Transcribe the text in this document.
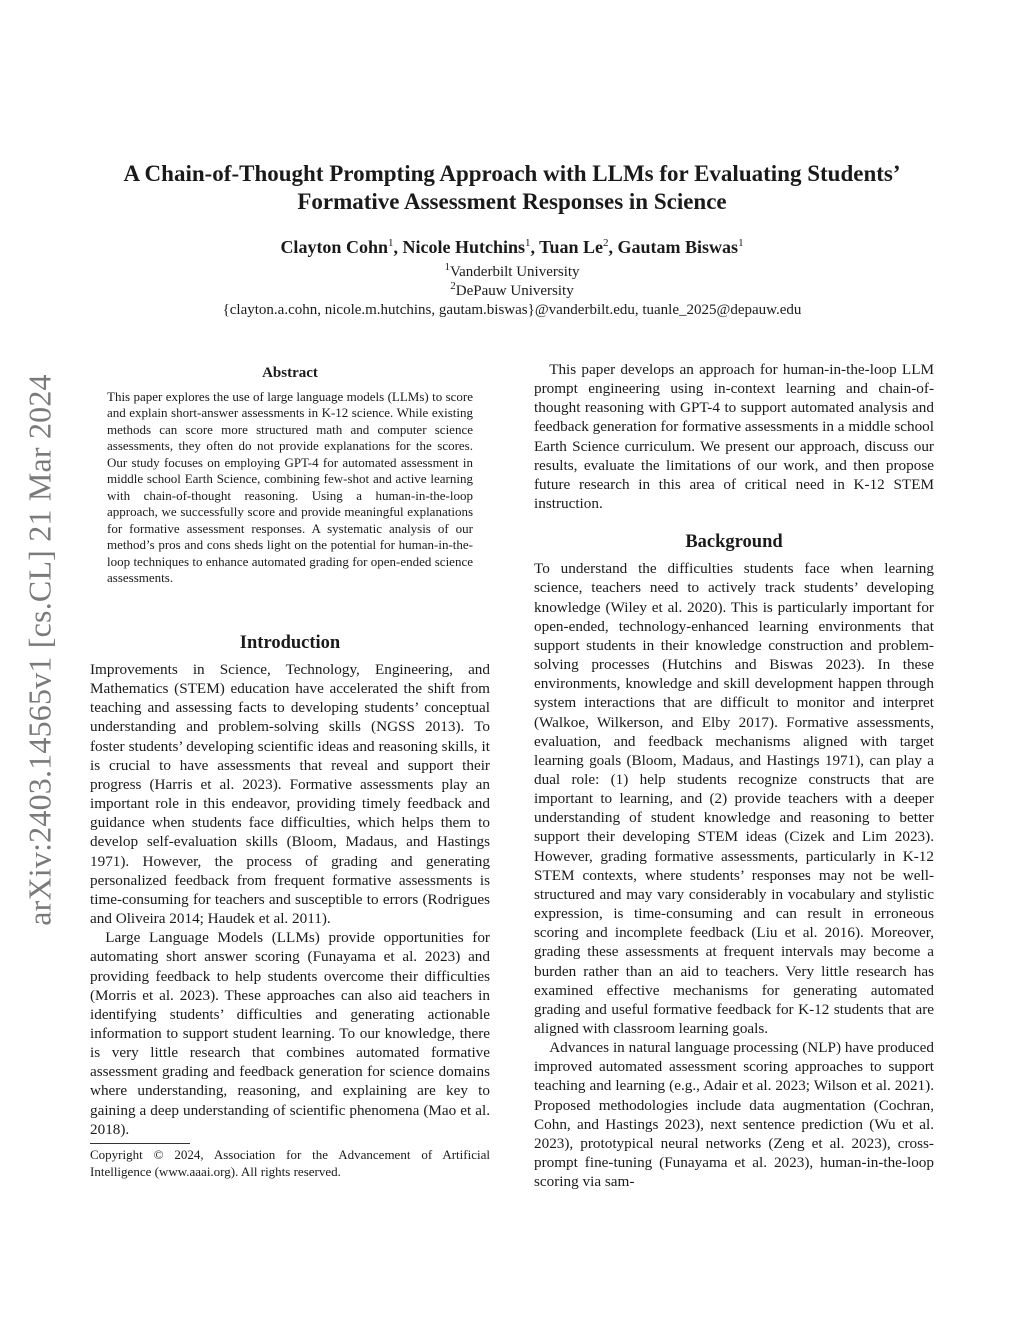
arXiv:2403.14565v1 [cs.CL] 21 Mar 2024
A Chain-of-Thought Prompting Approach with LLMs for Evaluating Students’
Formative Assessment Responses in Science
Clayton Cohn$^1$, Nicole Hutchins$^1$, Tuan Le$^2$, Gautam Biswas$^1$
$^1$Vanderbilt University
$^2$DePauw University
{clayton.a.cohn, nicole.m.hutchins, gautam.biswas}@vanderbilt.edu, tuanle_2025@depauw.edu
Abstract

This paper explores the use of large language models (LLMs) to score and explain short-answer assessments in K-12 science. While existing methods can score more structured math and computer science assessments, they often do not provide explanations for the scores. Our study focuses on employing GPT-4 for automated assessment in middle school Earth Science, combining few-shot and active learning with chain-of-thought reasoning. Using a human-in-the-loop approach, we successfully score and provide meaningful explanations for formative assessment responses. A systematic analysis of our method’s pros and cons sheds light on the potential for human-in-the-loop techniques to enhance automated grading for open-ended science assessments.

Introduction

Improvements in Science, Technology, Engineering, and Mathematics (STEM) education have accelerated the shift from teaching and assessing facts to developing students’ conceptual understanding and problem-solving skills (NGSS 2013). To foster students’ developing scientific ideas and reasoning skills, it is crucial to have assessments that reveal and support their progress (Harris et al. 2023). Formative assessments play an important role in this endeavor, providing timely feedback and guidance when students face difficulties, which helps them to develop self-evaluation skills (Bloom, Madaus, and Hastings 1971). However, the process of grading and generating personalized feedback from frequent formative assessments is time-consuming for teachers and susceptible to errors (Rodrigues and Oliveira 2014; Haudek et al. 2011).

Large Language Models (LLMs) provide opportunities for automating short answer scoring (Funayama et al. 2023) and providing feedback to help students overcome their difficulties (Morris et al. 2023). These approaches can also aid teachers in identifying students’ difficulties and generating actionable information to support student learning. To our knowledge, there is very little research that combines automated formative assessment grading and feedback generation for science domains where understanding, reasoning, and explaining are key to gaining a deep understanding of scientific phenomena (Mao et al. 2018).

Copyright © 2024, Association for the Advancement of Artificial Intelligence (www.aaai.org). All rights reserved.

This paper develops an approach for human-in-the-loop LLM prompt engineering using in-context learning and chain-of-thought reasoning with GPT-4 to support automated analysis and feedback generation for formative assessments in a middle school Earth Science curriculum. We present our approach, discuss our results, evaluate the limitations of our work, and then propose future research in this area of critical need in K-12 STEM instruction.

Background

To understand the difficulties students face when learning science, teachers need to actively track students’ developing knowledge (Wiley et al. 2020). This is particularly important for open-ended, technology-enhanced learning environments that support students in their knowledge construction and problem-solving processes (Hutchins and Biswas 2023). In these environments, knowledge and skill development happen through system interactions that are difficult to monitor and interpret (Walkoe, Wilkerson, and Elby 2017). Formative assessments, evaluation, and feedback mechanisms aligned with target learning goals (Bloom, Madaus, and Hastings 1971), can play a dual role: (1) help students recognize constructs that are important to learning, and (2) provide teachers with a deeper understanding of student knowledge and reasoning to better support their developing STEM ideas (Cizek and Lim 2023). However, grading formative assessments, particularly in K-12 STEM contexts, where students’ responses may not be well-structured and may vary considerably in vocabulary and stylistic expression, is time-consuming and can result in erroneous scoring and incomplete feedback (Liu et al. 2016). Moreover, grading these assessments at frequent intervals may become a burden rather than an aid to teachers. Very little research has examined effective mechanisms for generating automated grading and useful formative feedback for K-12 students that are aligned with classroom learning goals.

Advances in natural language processing (NLP) have produced improved automated assessment scoring approaches to support teaching and learning (e.g., Adair et al. 2023; Wilson et al. 2021). Proposed methodologies include data augmentation (Cochran, Cohn, and Hastings 2023), next sentence prediction (Wu et al. 2023), prototypical neural networks (Zeng et al. 2023), cross-prompt fine-tuning (Funayama et al. 2023), human-in-the-loop scoring via sam-
